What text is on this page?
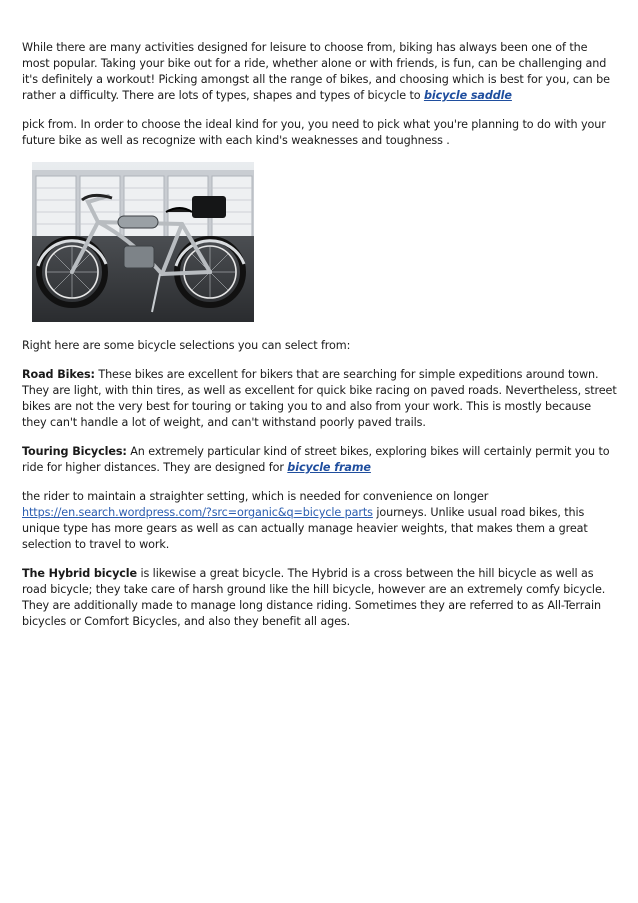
While there are many activities designed for leisure to choose from, biking has always been one of the most popular. Taking your bike out for a ride, whether alone or with friends, is fun, can be challenging and it's definitely a workout! Picking amongst all the range of bikes, and choosing which is best for you, can be rather a difficulty. There are lots of types, shapes and types of bicycle to bicycle saddle

pick from. In order to choose the ideal kind for you, you need to pick what you're planning to do with your future bike as well as recognize with each kind's weaknesses and toughness .

Right here are some bicycle selections you can select from:

Road Bikes: These bikes are excellent for bikers that are searching for simple expeditions around town. They are light, with thin tires, as well as excellent for quick bike racing on paved roads. Nevertheless, street bikes are not the very best for touring or taking you to and also from your work. This is mostly because they can't handle a lot of weight, and can't withstand poorly paved trails.

Touring Bicycles: An extremely particular kind of street bikes, exploring bikes will certainly permit you to ride for higher distances. They are designed for bicycle frame

the rider to maintain a straighter setting, which is needed for convenience on longer https://en.search.wordpress.com/?src=organic&q=bicycle parts journeys. Unlike usual road bikes, this unique type has more gears as well as can actually manage heavier weights, that makes them a great selection to travel to work.

The Hybrid bicycle is likewise a great bicycle. The Hybrid is a cross between the hill bicycle as well as road bicycle; they take care of harsh ground like the hill bicycle, however are an extremely comfy bicycle. They are additionally made to manage long distance riding. Sometimes they are referred to as All-Terrain bicycles or Comfort Bicycles, and also they benefit all ages.
